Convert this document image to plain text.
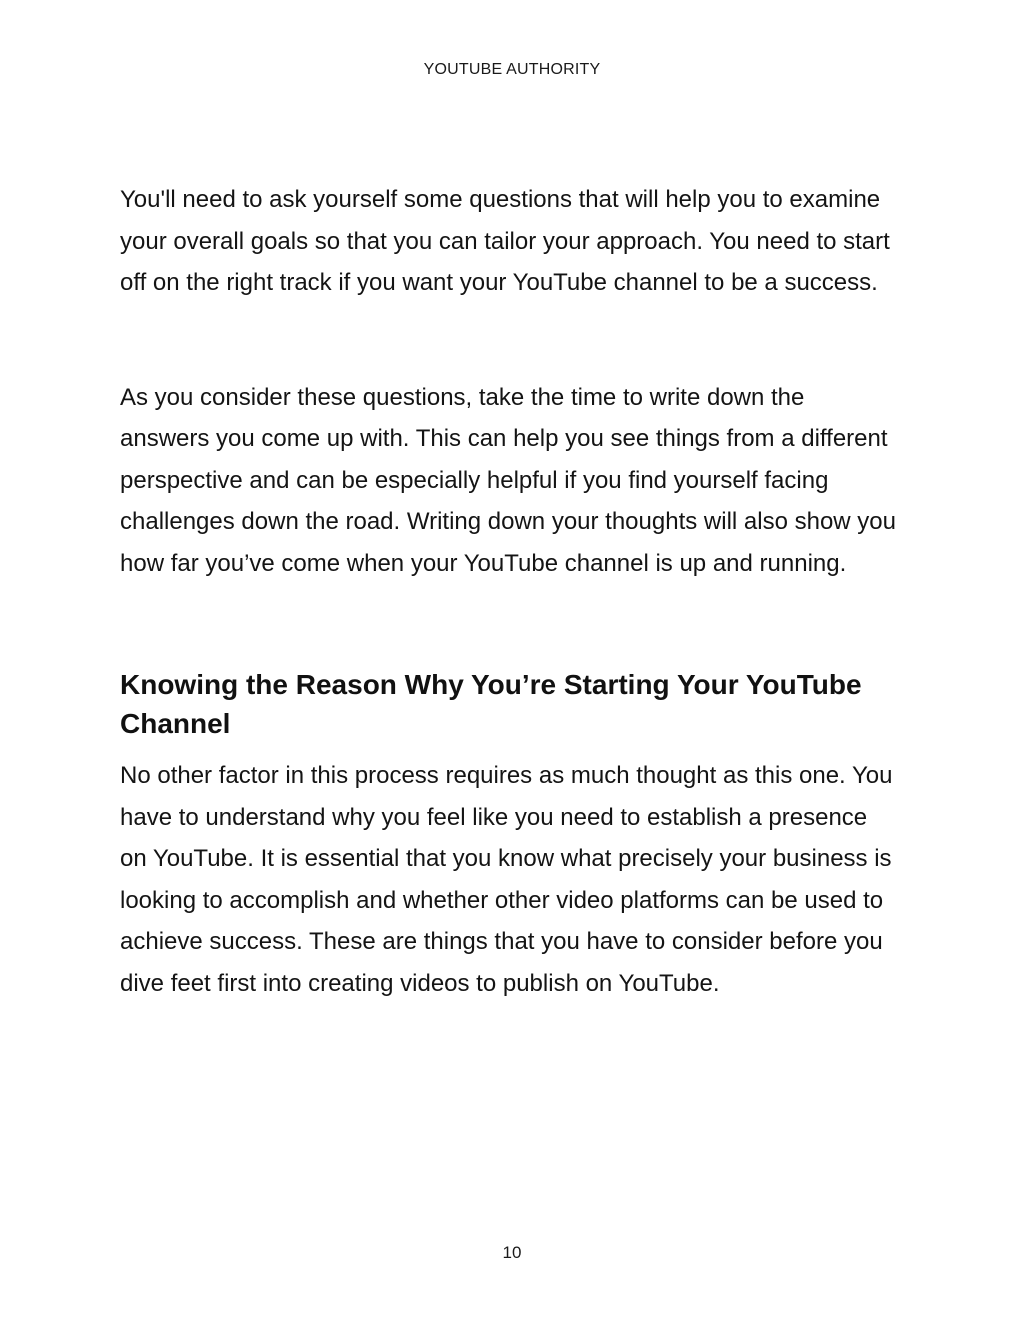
YOUTUBE AUTHORITY

You'll need to ask yourself some questions that will help you to examine your overall goals so that you can tailor your approach. You need to start off on the right track if you want your YouTube channel to be a success.

As you consider these questions, take the time to write down the answers you come up with. This can help you see things from a different perspective and can be especially helpful if you find yourself facing challenges down the road. Writing down your thoughts will also show you how far you’ve come when your YouTube channel is up and running.

Knowing the Reason Why You’re Starting Your YouTube Channel

No other factor in this process requires as much thought as this one. You have to understand why you feel like you need to establish a presence on YouTube. It is essential that you know what precisely your business is looking to accomplish and whether other video platforms can be used to achieve success. These are things that you have to consider before you dive feet first into creating videos to publish on YouTube.

10
